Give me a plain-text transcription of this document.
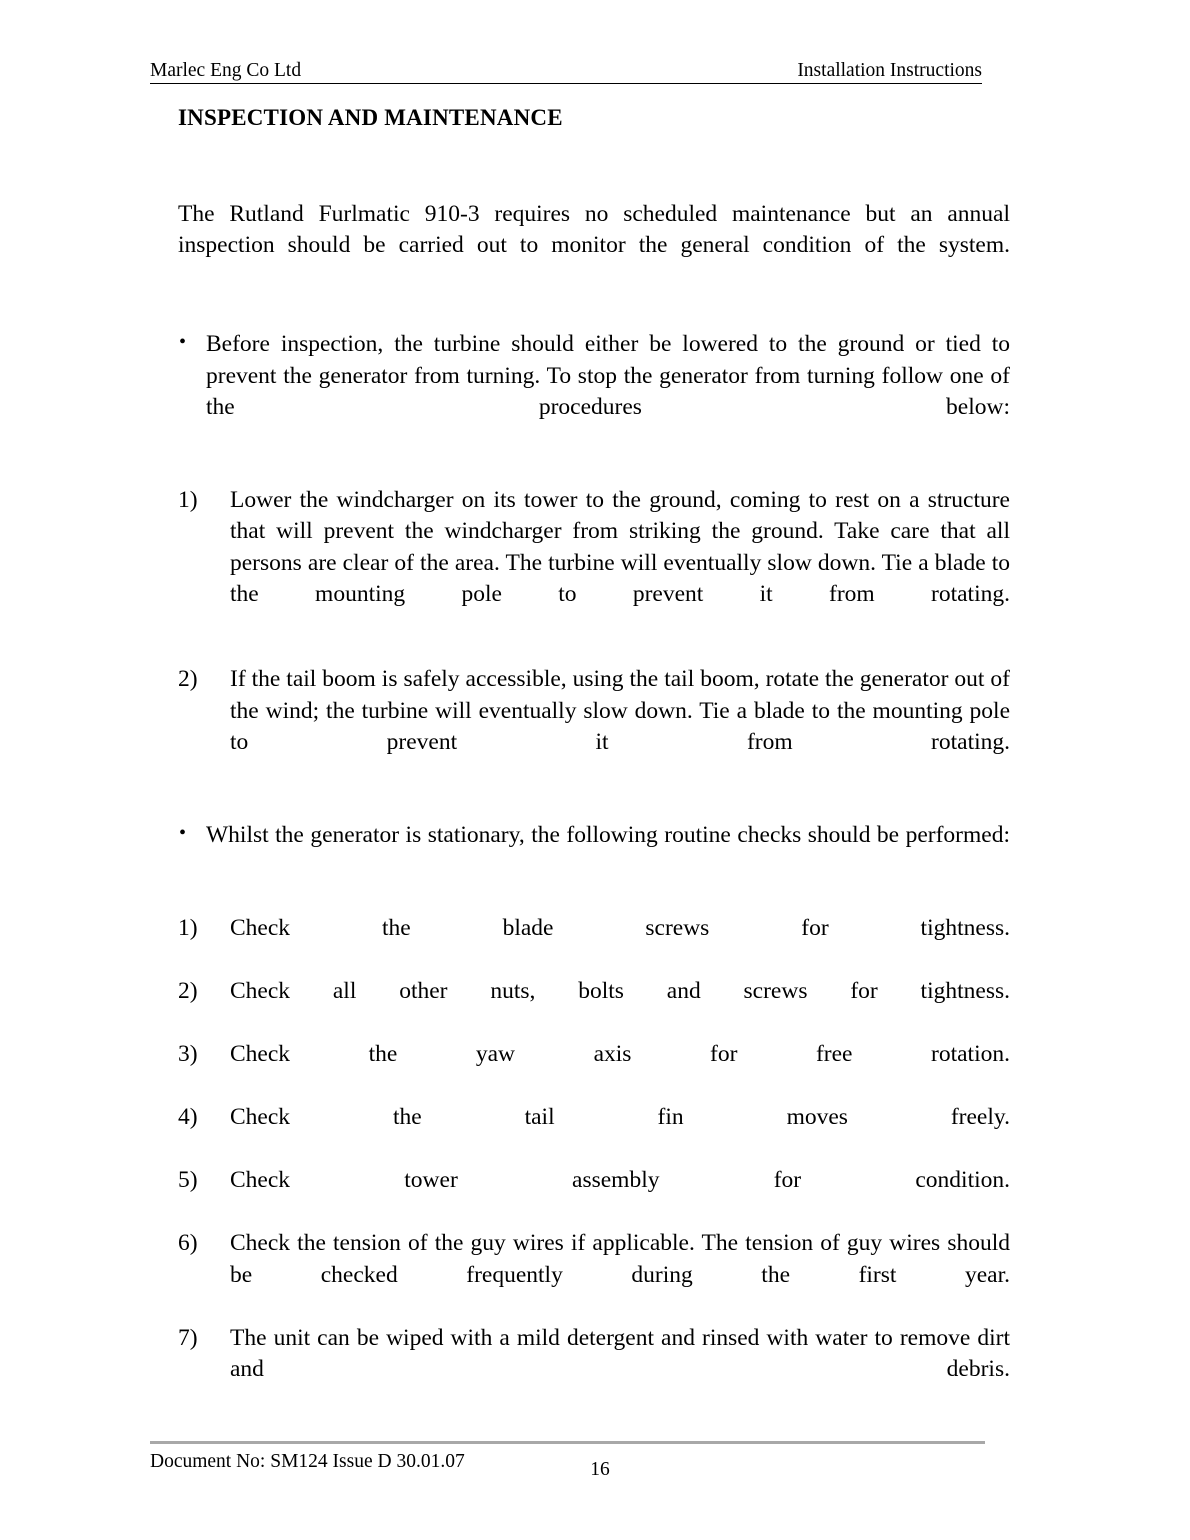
Marlec Eng Co Ltd	Installation Instructions
INSPECTION AND MAINTENANCE

The Rutland Furlmatic 910-3 requires no scheduled maintenance but an annual inspection should be carried out to monitor the general condition of the system.

• Before inspection, the turbine should either be lowered to the ground or tied to prevent the generator from turning. To stop the generator from turning follow one of the procedures below:
1) Lower the windcharger on its tower to the ground, coming to rest on a structure that will prevent the windcharger from striking the ground. Take care that all persons are clear of the area. The turbine will eventually slow down. Tie a blade to the mounting pole to prevent it from rotating.
2) If the tail boom is safely accessible, using the tail boom, rotate the generator out of the wind; the turbine will eventually slow down. Tie a blade to the mounting pole to prevent it from rotating.
• Whilst the generator is stationary, the following routine checks should be performed:
1) Check the blade screws for tightness.
2) Check all other nuts, bolts and screws for tightness.
3) Check the yaw axis for free rotation.
4) Check the tail fin moves freely.
5) Check tower assembly for condition.
6) Check the tension of the guy wires if applicable. The tension of guy wires should be checked frequently during the first year.
7) The unit can be wiped with a mild detergent and rinsed with water to remove dirt and debris.
Document No: SM124 Issue D 30.01.07	16
